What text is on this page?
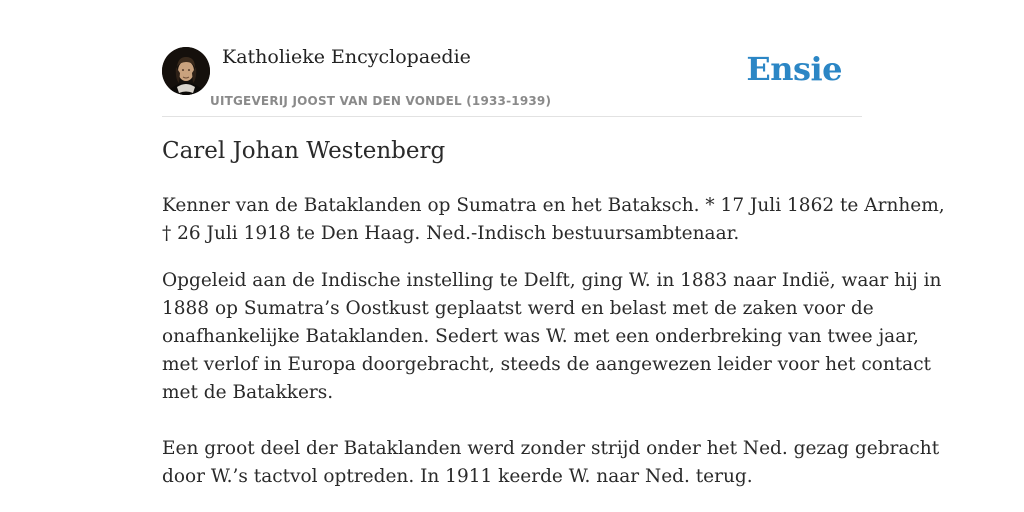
Katholieke Encyclopaedie
UITGEVERIJ JOOST VAN DEN VONDEL (1933-1939)
Ensie
Carel Johan Westenberg

Kenner van de Bataklanden op Sumatra en het Bataksch. * 17 Juli 1862 te Arnhem,
† 26 Juli 1918 te Den Haag. Ned.-Indisch bestuursambtenaar.

Opgeleid aan de Indische instelling te Delft, ging W. in 1883 naar Indië, waar hij in
1888 op Sumatra’s Oostkust geplaatst werd en belast met de zaken voor de
onafhankelijke Bataklanden. Sedert was W. met een onderbreking van twee jaar,
met verlof in Europa doorgebracht, steeds de aangewezen leider voor het contact
met de Batakkers.

Een groot deel der Bataklanden werd zonder strijd onder het Ned. gezag gebracht
door W.’s tactvol optreden. In 1911 keerde W. naar Ned. terug.
